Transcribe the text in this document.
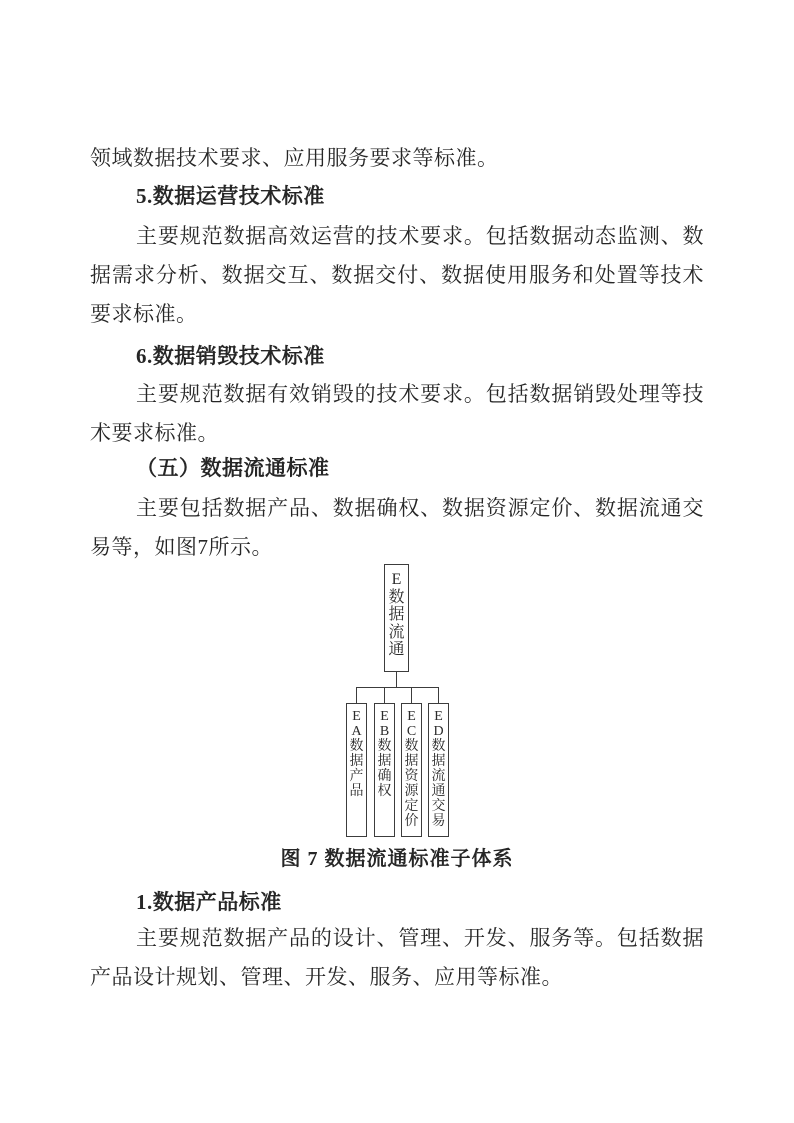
领域数据技术要求、应用服务要求等标准。
5.数据运营技术标准
主要规范数据高效运营的技术要求。包括数据动态监测、数据需求分析、数据交互、数据交付、数据使用服务和处置等技术要求标准。
6.数据销毁技术标准
主要规范数据有效销毁的技术要求。包括数据销毁处理等技术要求标准。
（五）数据流通标准
主要包括数据产品、数据确权、数据资源定价、数据流通交易等，如图7所示。
E
数
据
流
通
E
A
数
据
产
品
E
B
数
据
确
权
E
C
数
据
资
源
定
价
E
D
数
据
流
通
交
易
图 7 数据流通标准子体系
1.数据产品标准
主要规范数据产品的设计、管理、开发、服务等。包括数据产品设计规划、管理、开发、服务、应用等标准。
